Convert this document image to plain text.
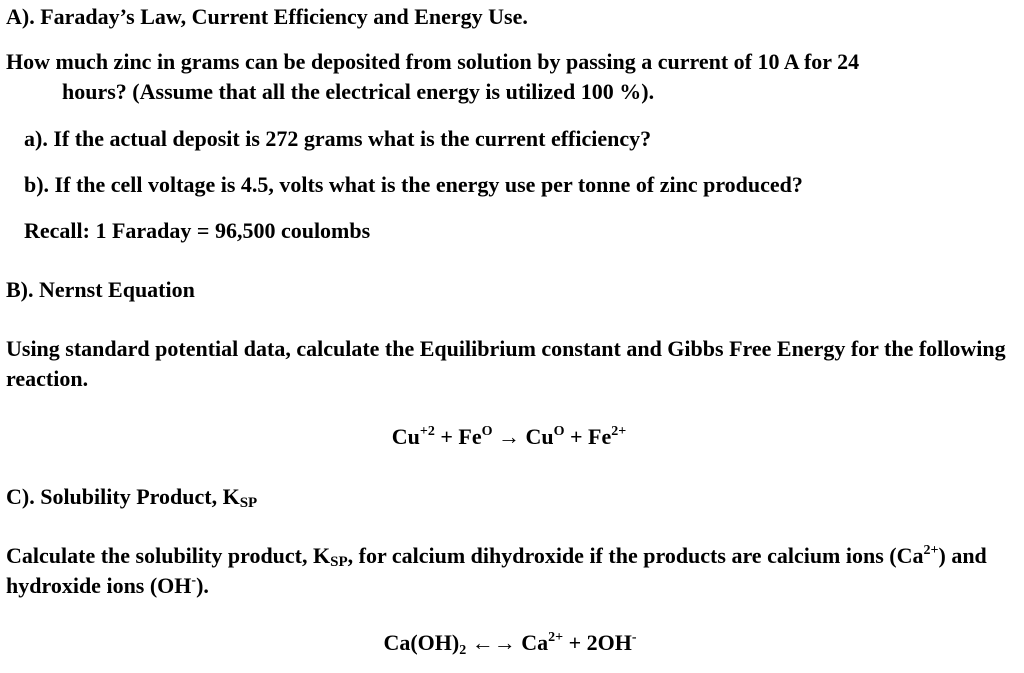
A). Faraday’s Law, Current Efficiency and Energy Use.
How much zinc in grams can be deposited from solution by passing a current of 10 A for 24
hours? (Assume that all the electrical energy is utilized 100 %).
a). If the actual deposit is 272 grams what is the current efficiency?
b). If the cell voltage is 4.5, volts what is the energy use per tonne of zinc produced?
Recall: 1 Faraday = 96,500 coulombs
B). Nernst Equation
Using standard potential data, calculate the Equilibrium constant and Gibbs Free Energy for the following reaction.
$Cu^{+2} + Fe^O \to Cu^O + Fe^{2+}$
C). Solubility Product, $K_{SP}$
Calculate the solubility product, $K_{SP}$, for calcium dihydroxide if the products are calcium ions $(Ca^{2+})$ and hydroxide ions (OH-).
$Ca(OH)_2$ ←→ $Ca^{2+} + 2OH^-$
